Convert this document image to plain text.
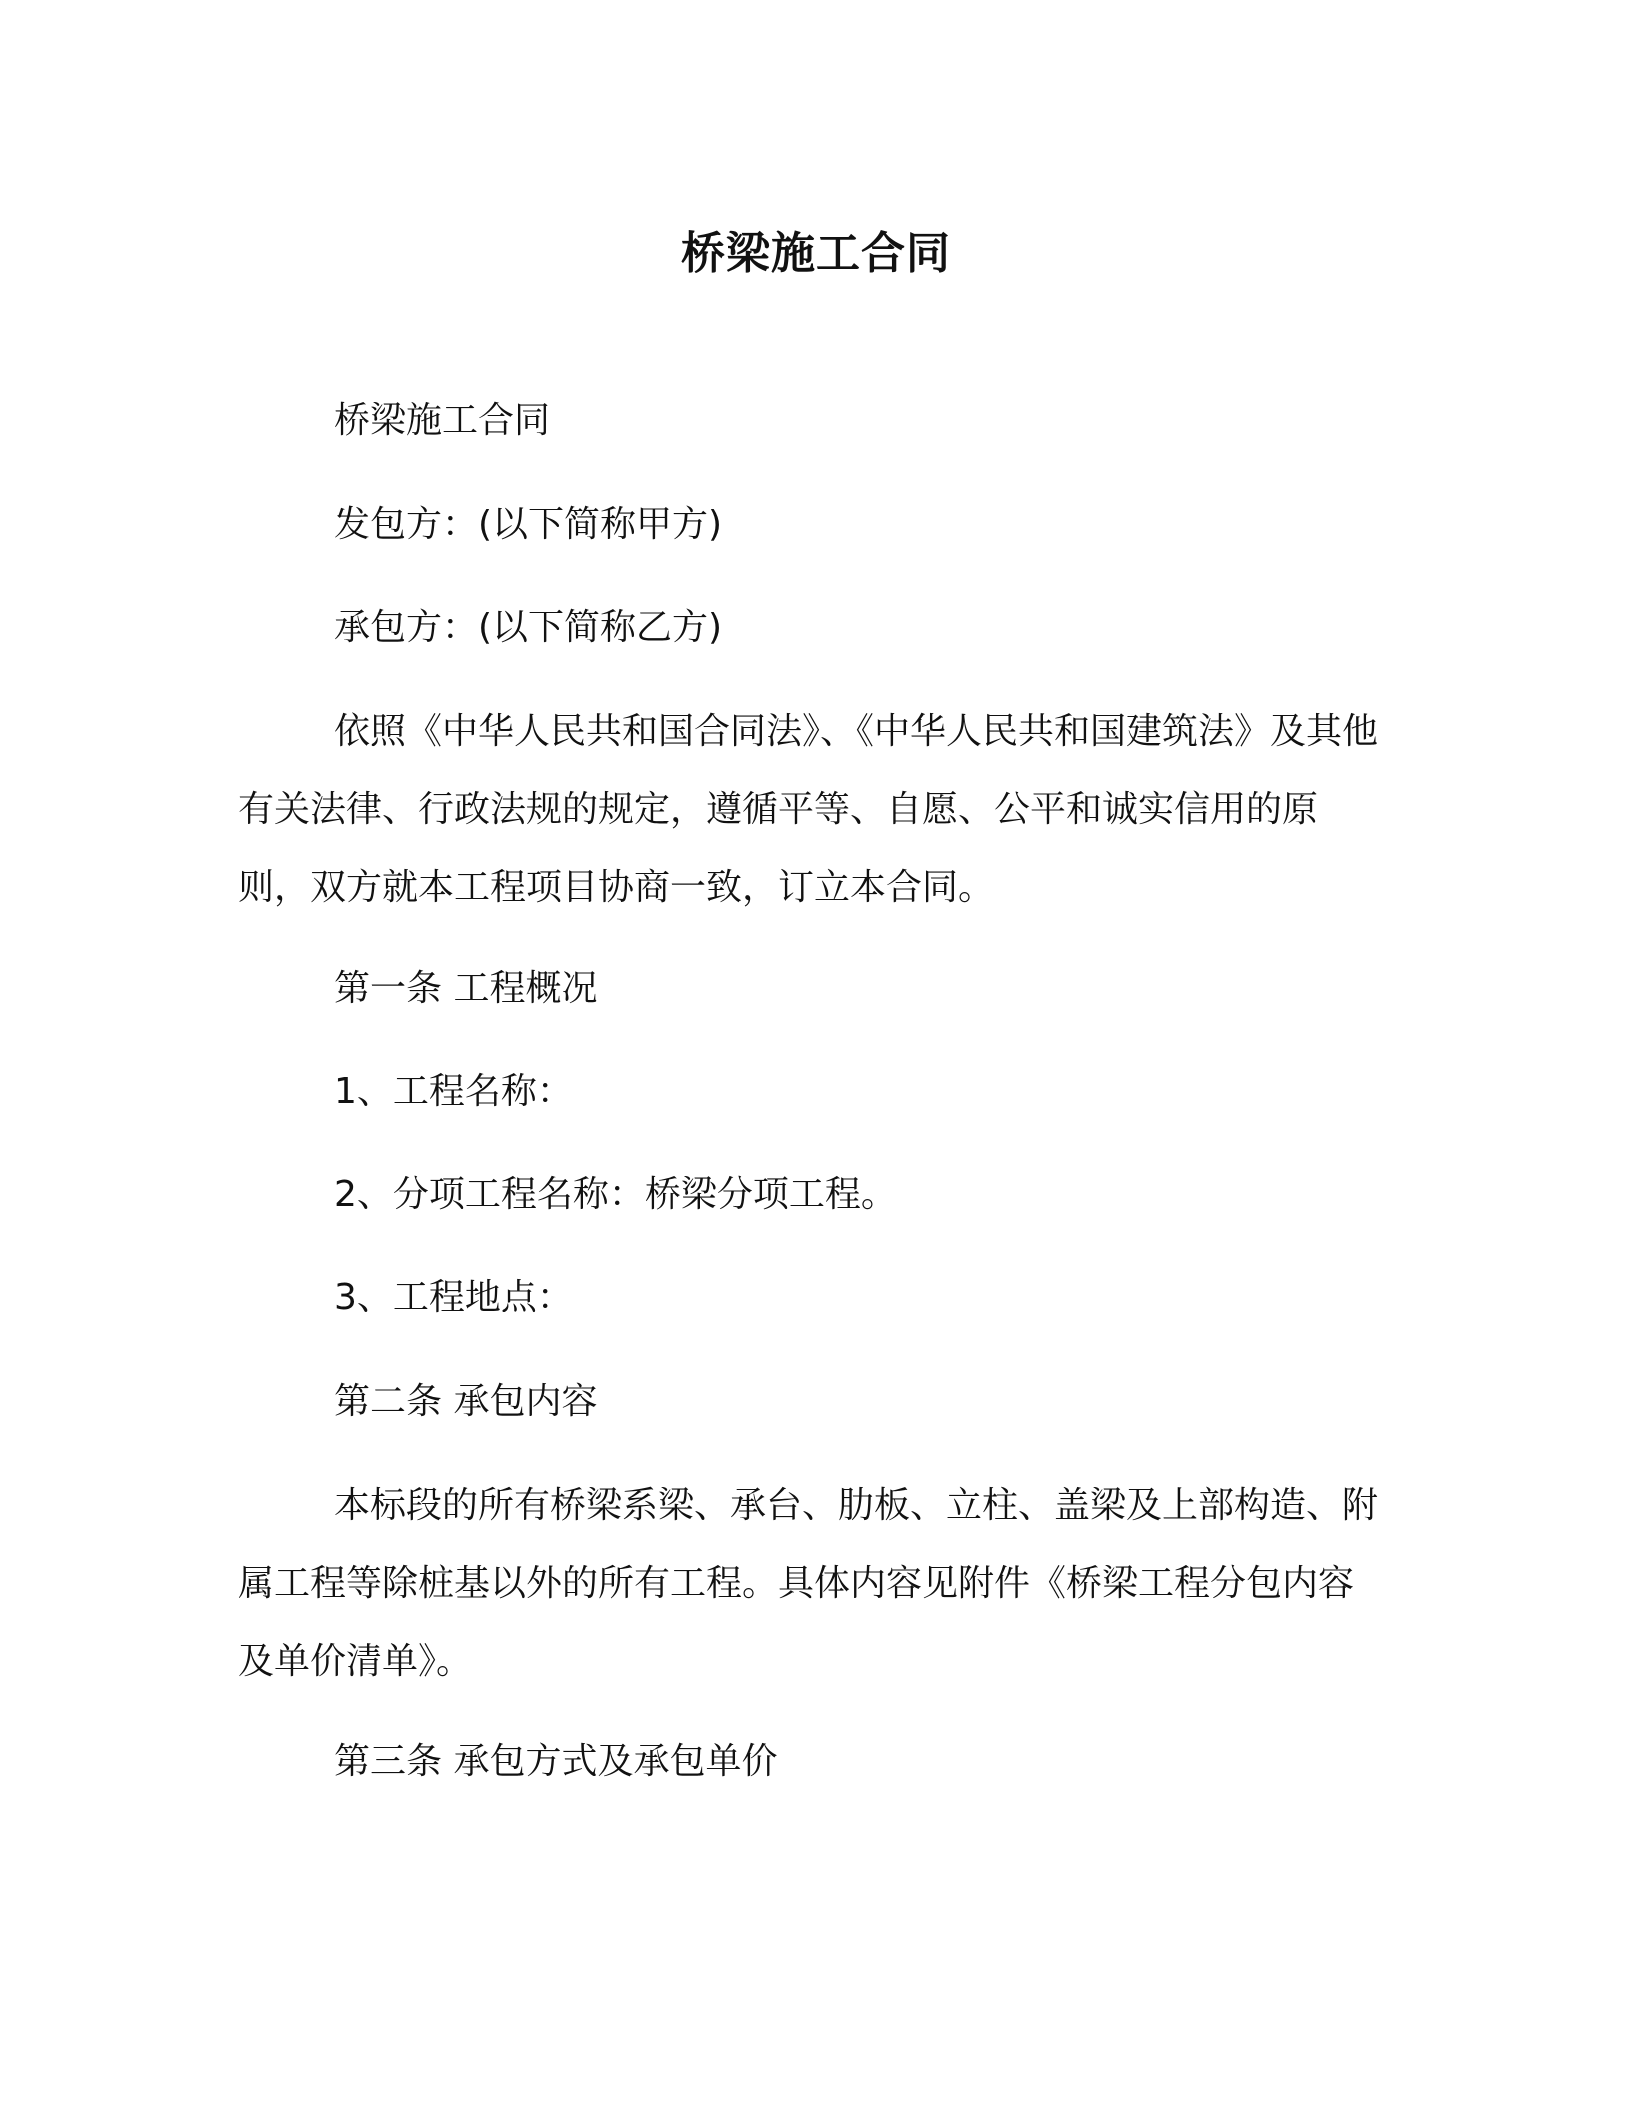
桥梁施工合同
桥梁施工合同
发包方：(以下简称甲方)
承包方：(以下简称乙方)
依照《中华人民共和国合同法》、《中华人民共和国建筑法》及其他有关法律、行政法规的规定，遵循平等、自愿、公平和诚实信用的原则，双方就本工程项目协商一致，订立本合同。
第一条 工程概况
1、工程名称：
2、分项工程名称：桥梁分项工程。
3、工程地点：
第二条 承包内容
本标段的所有桥梁系梁、承台、肋板、立柱、盖梁及上部构造、附属工程等除桩基以外的所有工程。具体内容见附件《桥梁工程分包内容及单价清单》。
第三条 承包方式及承包单价
